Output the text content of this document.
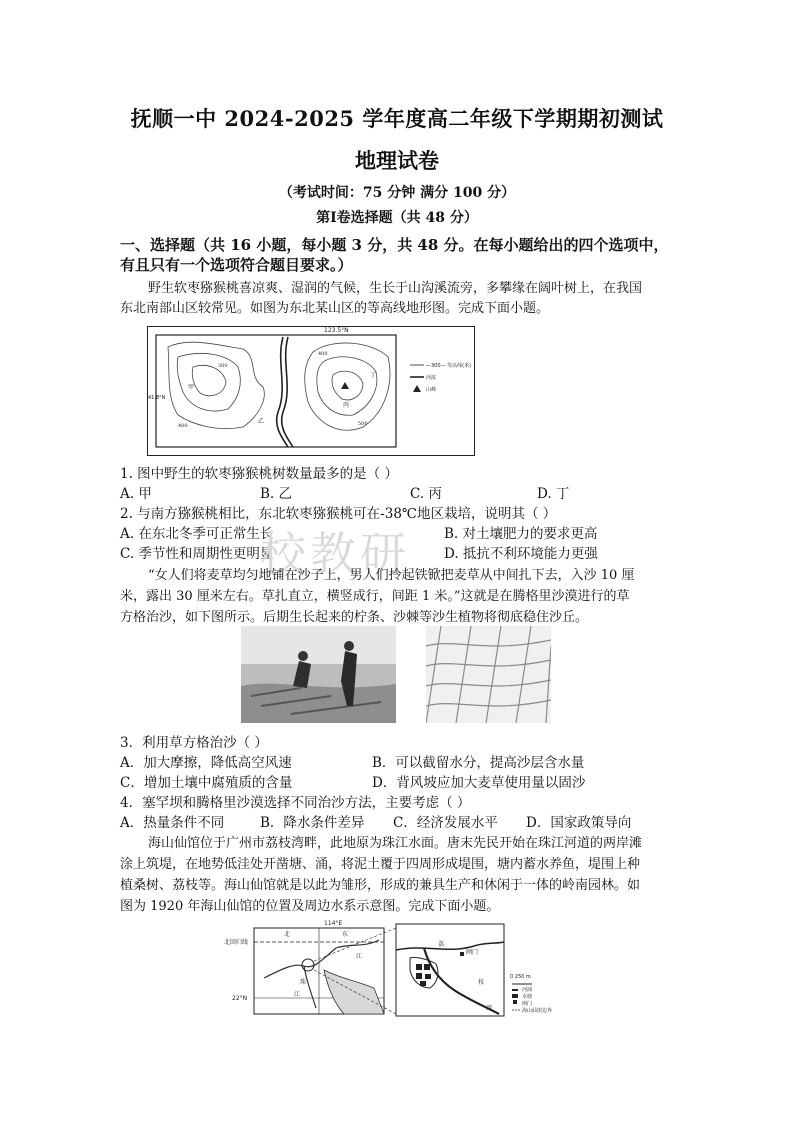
抚顺一中 2024-2025 学年度高二年级下学期期初测试
地理试卷
（考试时间：75 分钟 满分 100 分）
第Ⅰ卷选择题（共 48 分）
一、选择题（共 16 小题，每小题 3 分，共 48 分。在每小题给出的四个选项中，
有且只有一个选项符合题目要求。）
野生软枣猕猴桃喜凉爽、湿润的气候，生长于山沟溪流旁，多攀缘在阔叶树上，在我国
东北南部山区较常见。如图为东北某山区的等高线地形图。完成下面小题。
123.5°N
41.8°N
—300— 等高线(米)
河流
山峰
甲
乙
丙
丁
300
400
400
500
1. 图中野生的软枣猕猴桃树数量最多的是（ ）
A. 甲	B. 乙	C. 丙	D. 丁
2. 与南方猕猴桃相比，东北软枣猕猴桃可在-38℃地区栽培，说明其（ ）
A. 在东北冬季可正常生长	B. 对土壤肥力的要求更高
C. 季节性和周期性更明显	D. 抵抗不利环境能力更强
校教研
“女人们将麦草均匀地铺在沙子上，男人们拎起铁锨把麦草从中间扎下去，入沙 10 厘
米，露出 30 厘米左右。草扎直立，横竖成行，间距 1 米。”这就是在腾格里沙漠进行的草
方格治沙，如下图所示。后期生长起来的柠条、沙棘等沙生植物将彻底稳住沙丘。
3．利用草方格治沙（ ）
A．加大摩擦，降低高空风速	B．可以截留水分，提高沙层含水量
C．增加土壤中腐殖质的含量	D．背风坡应加大麦草使用量以固沙
4．塞罕坝和腾格里沙漠选择不同治沙方法，主要考虑（ ）
A．热量条件不同	B．降水条件差异 C．经济发展水平 D．国家政策导向
海山仙馆位于广州市荔枝湾畔，此地原为珠江水面。唐末先民开始在珠江河道的两岸滩
涂上筑堤，在地势低洼处开凿塘、涌，将泥土覆于四周形成堤围，塘内蓄水养鱼，堤围上种
植桑树、荔枝等。海山仙馆就是以此为雏形，形成的兼具生产和休闲于一体的岭南园林。如
图为 1920 年海山仙馆的位置及周边水系示意图。完成下面小题。
114°E
北回归线
22°N
北	东
江
珠
江
闸门
荔
枝
湾
0 250 m
河涌
水塘
闸门
海山仙馆边界
